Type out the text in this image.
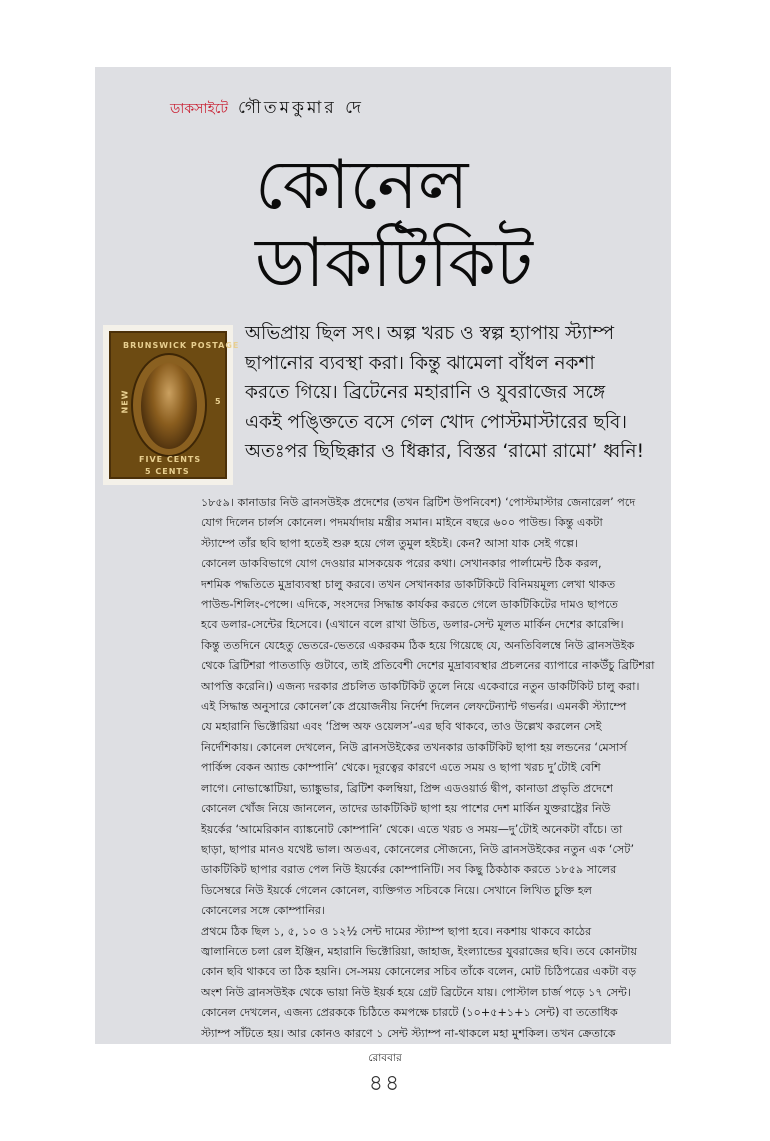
ডাকসাইটে গৌতমকুমার দে
কোনেল
ডাকটিকিট
BRUNSWICK POSTAGE
NEW	5
FIVE CENTS
5 CENTS
অভিপ্রায় ছিল সৎ। অল্প খরচ ও স্বল্প হ্যাপায় স্ট্যাম্প
ছাপানোর ব্যবস্থা করা। কিন্তু ঝামেলা বাঁধল নকশা
করতে গিয়ে। ব্রিটেনের মহারানি ও যুবরাজের সঙ্গে
একই পঙ্ক্তিতে বসে গেল খোদ পোস্টমাস্টারের ছবি।
অতঃপর ছিছিক্কার ও ধিক্কার, বিস্তর ‘রামো রামো’ ধ্বনি!
১৮৫৯। কানাডার নিউ ব্রানসউইক প্রদেশের (তখন ব্রিটিশ উপনিবেশ) ‘পোস্টমাস্টার জেনারেল’ পদে
যোগ দিলেন চার্লস কোনেল। পদমর্যাদায় মন্ত্রীর সমান। মাইনে বছরে ৬০০ পাউন্ড। কিন্তু একটা
স্ট্যাম্পে তাঁর ছবি ছাপা হতেই শুরু হয়ে গেল তুমুল হইচই। কেন? আসা যাক সেই গল্পে।
কোনেল ডাকবিভাগে যোগ দেওয়ার মাসকয়েক পরের কথা। সেখানকার পার্লামেন্ট ঠিক করল,
দশমিক পদ্ধতিতে মুদ্রাব্যবস্থা চালু করবে। তখন সেখানকার ডাকটিকিটে বিনিময়মূল্য লেখা থাকত
পাউন্ড-শিলিং-পেন্সে। এদিকে, সংসদের সিদ্ধান্ত কার্যকর করতে গেলে ডাকটিকিটের দামও ছাপতে
হবে ডলার-সেন্টের হিসেবে। (এখানে বলে রাখা উচিত, ডলার-সেন্ট মূলত মার্কিন দেশের কারেন্সি।
কিন্তু ততদিনে যেহেতু ভেতরে-ভেতরে একরকম ঠিক হয়ে গিয়েছে যে, অনতিবিলম্বে নিউ ব্রানসউইক
থেকে ব্রিটিশরা পাততাড়ি গুটাবে, তাই প্রতিবেশী দেশের মুদ্রাব্যবস্থার প্রচলনের ব্যাপারে নাকউঁচু ব্রিটিশরা
আপত্তি করেনি।) এজন্য দরকার প্রচলিত ডাকটিকিট তুলে নিয়ে একেবারে নতুন ডাকটিকিট চালু করা।
এই সিদ্ধান্ত অনুসারে কোনেল’কে প্রয়োজনীয় নির্দেশ দিলেন লেফটেন্যান্ট গভর্নর। এমনকী স্ট্যাম্পে
যে মহারানি ভিক্টোরিয়া এবং ‘প্রিন্স অফ ওয়েলস’-এর ছবি থাকবে, তাও উল্লেখ করলেন সেই
নির্দেশিকায়। কোনেল দেখলেন, নিউ ব্রানসউইকের তখনকার ডাকটিকিট ছাপা হয় লন্ডনের ‘মেসার্স
পার্কিন্স বেকন অ্যান্ড কোম্পানি’ থেকে। দূরত্বের কারণে এতে সময় ও ছাপা খরচ দু’টোই বেশি
লাগে। নোভাস্কোটিয়া, ভ্যাঙ্কুভার, ব্রিটিশ কলম্বিয়া, প্রিন্স এডওয়ার্ড দ্বীপ, কানাডা প্রভৃতি প্রদেশে
কোনেল খোঁজ নিয়ে জানলেন, তাদের ডাকটিকিট ছাপা হয় পাশের দেশ মার্কিন যুক্তরাষ্ট্রের নিউ
ইয়র্কের ‘আমেরিকান ব্যাঙ্কনোট কোম্পানি’ থেকে। এতে খরচ ও সময়—দু’টোই অনেকটা বাঁচে। তা
ছাড়া, ছাপার মানও যথেষ্ট ভাল। অতএব, কোনেলের সৌজন্যে, নিউ ব্রানসউইকের নতুন এক ‘সেট’
ডাকটিকিট ছাপার বরাত পেল নিউ ইয়র্কের কোম্পানিটি। সব কিছু ঠিকঠাক করতে ১৮৫৯ সালের
ডিসেম্বরে নিউ ইয়র্কে গেলেন কোনেল, ব্যক্তিগত সচিবকে নিয়ে। সেখানে লিখিত চুক্তি হল
কোনেলের সঙ্গে কোম্পানির।
প্রথমে ঠিক ছিল ১, ৫, ১০ ও ১২½ সেন্ট দামের স্ট্যাম্প ছাপা হবে। নকশায় থাকবে কাঠের
জ্বালানিতে চলা রেল ইঞ্জিন, মহারানি ভিক্টোরিয়া, জাহাজ, ইংল্যান্ডের যুবরাজের ছবি। তবে কোনটায়
কোন ছবি থাকবে তা ঠিক হয়নি। সে-সময় কোনেলের সচিব তাঁকে বলেন, মোট চিঠিপত্রের একটা বড়
অংশ নিউ ব্রানসউইক থেকে ভায়া নিউ ইয়র্ক হয়ে গ্রেট ব্রিটেনে যায়। পোস্টাল চার্জ পড়ে ১৭ সেন্ট।
কোনেল দেখলেন, এজন্য প্রেরককে চিঠিতে কমপক্ষে চারটে (১০+৫+১+১ সেন্ট) বা ততোধিক
স্ট্যাম্প সাঁটতে হয়। আর কোনও কারণে ১ সেন্ট স্ট্যাম্প না-থাকলে মহা মুশকিল। তখন ক্রেতাকে
রোববার
৪৪
